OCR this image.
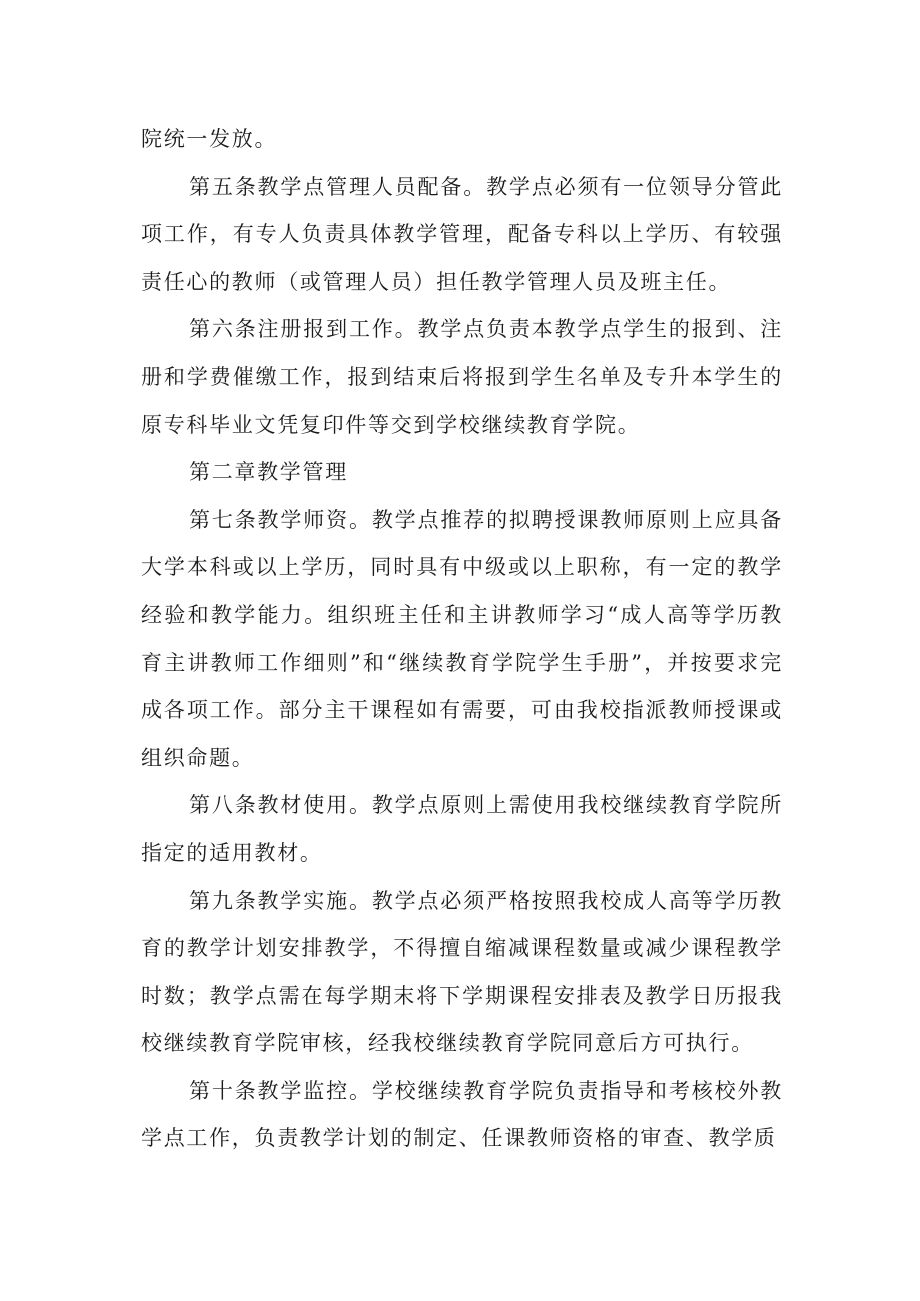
院统一发放。

第五条教学点管理人员配备。教学点必须有一位领导分管此项工作，有专人负责具体教学管理，配备专科以上学历、有较强责任心的教师（或管理人员）担任教学管理人员及班主任。

第六条注册报到工作。教学点负责本教学点学生的报到、注册和学费催缴工作，报到结束后将报到学生名单及专升本学生的原专科毕业文凭复印件等交到学校继续教育学院。

第二章教学管理

第七条教学师资。教学点推荐的拟聘授课教师原则上应具备大学本科或以上学历，同时具有中级或以上职称，有一定的教学经验和教学能力。组织班主任和主讲教师学习“成人高等学历教育主讲教师工作细则”和“继续教育学院学生手册”，并按要求完成各项工作。部分主干课程如有需要，可由我校指派教师授课或组织命题。

第八条教材使用。教学点原则上需使用我校继续教育学院所指定的适用教材。

第九条教学实施。教学点必须严格按照我校成人高等学历教育的教学计划安排教学，不得擅自缩减课程数量或减少课程教学时数；教学点需在每学期末将下学期课程安排表及教学日历报我校继续教育学院审核，经我校继续教育学院同意后方可执行。

第十条教学监控。学校继续教育学院负责指导和考核校外教学点工作，负责教学计划的制定、任课教师资格的审查、教学质
